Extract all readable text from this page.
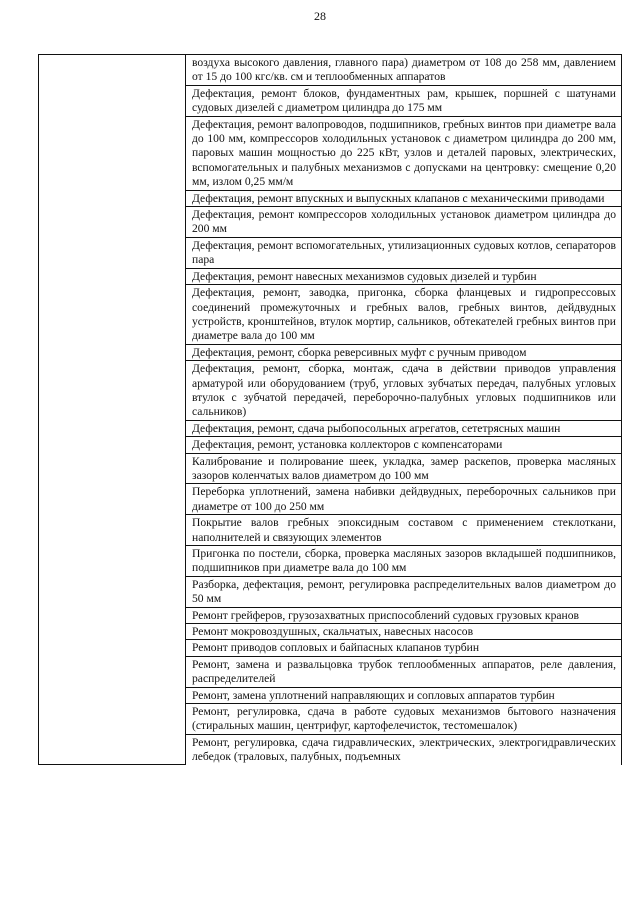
28
	воздуха высокого давления, главного пара) диаметром от 108 до 258 мм, давлением от 15 до 100 кгс/кв. см и теплообменных аппаратов
Дефектация, ремонт блоков, фундаментных рам, крышек, поршней с шатунами судовых дизелей с диаметром цилиндра до 175 мм
Дефектация, ремонт валопроводов, подшипников, гребных винтов при диаметре вала до 100 мм, компрессоров холодильных установок с диаметром цилиндра до 200 мм, паровых машин мощностью до 225 кВт, узлов и деталей паровых, электрических, вспомогательных и палубных механизмов с допусками на центровку: смещение 0,20 мм, излом 0,25 мм/м
Дефектация, ремонт впускных и выпускных клапанов с механическими приводами
Дефектация, ремонт компрессоров холодильных установок диаметром цилиндра до 200 мм
Дефектация, ремонт вспомогательных, утилизационных судовых котлов, сепараторов пара
Дефектация, ремонт навесных механизмов судовых дизелей и турбин
Дефектация, ремонт, заводка, пригонка, сборка фланцевых и гидропрессовых соединений промежуточных и гребных валов, гребных винтов, дейдвудных устройств, кронштейнов, втулок мортир, сальников, обтекателей гребных винтов при диаметре вала до 100 мм
Дефектация, ремонт, сборка реверсивных муфт с ручным приводом
Дефектация, ремонт, сборка, монтаж, сдача в действии приводов управления арматурой или оборудованием (труб, угловых зубчатых передач, палубных угловых втулок с зубчатой передачей, переборочно-палубных угловых подшипников или сальников)
Дефектация, ремонт, сдача рыбопосольных агрегатов, сететрясных машин
Дефектация, ремонт, установка коллекторов с компенсаторами
Калибрование и полирование шеек, укладка, замер раскепов, проверка масляных зазоров коленчатых валов диаметром до 100 мм
Переборка уплотнений, замена набивки дейдвудных, переборочных сальников при диаметре от 100 до 250 мм
Покрытие валов гребных эпоксидным составом с применением стеклоткани, наполнителей и связующих элементов
Пригонка по постели, сборка, проверка масляных зазоров вкладышей подшипников, подшипников при диаметре вала до 100 мм
Разборка, дефектация, ремонт, регулировка распределительных валов диаметром до 50 мм
Ремонт грейферов, грузозахватных приспособлений судовых грузовых кранов
Ремонт мокровоздушных, скальчатых, навесных насосов
Ремонт приводов сопловых и байпасных клапанов турбин
Ремонт, замена и развальцовка трубок теплообменных аппаратов, реле давления, распределителей
Ремонт, замена уплотнений направляющих и сопловых аппаратов турбин
Ремонт, регулировка, сдача в работе судовых механизмов бытового назначения (стиральных машин, центрифуг, картофелечисток, тестомешалок)
Ремонт, регулировка, сдача гидравлических, электрических, электрогидравлических лебедок (траловых, палубных, подъемных
